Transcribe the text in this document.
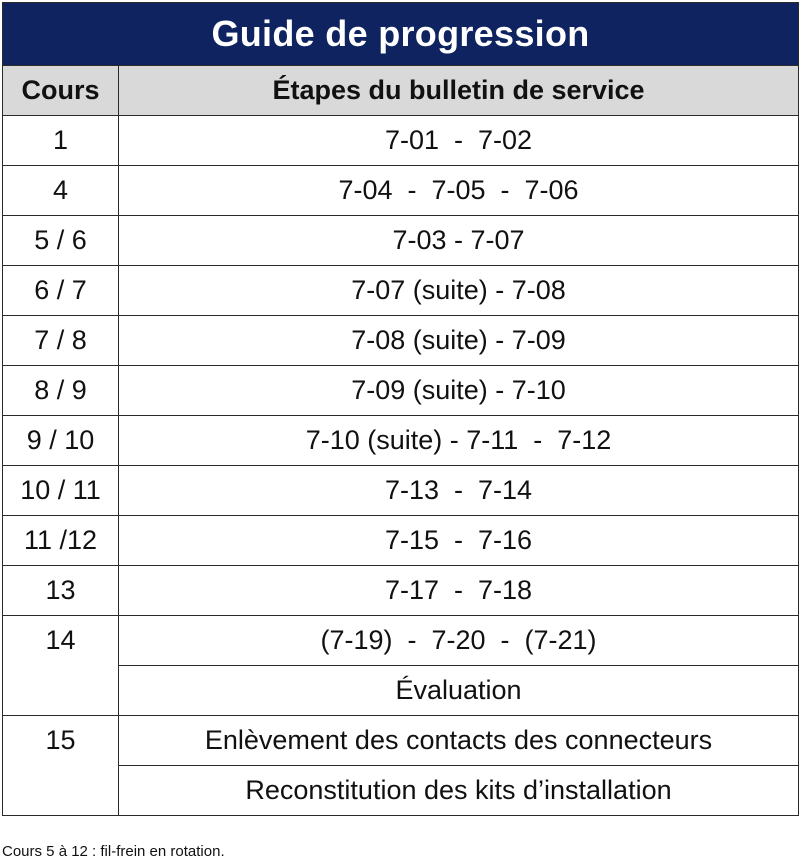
Guide de progression	
Cours	Étapes du bulletin de service
1	7-01  -  7-02
4	7-04  -  7-05  -  7-06
5 / 6	7-03 - 7-07
6 / 7	7-07 (suite) - 7-08
7 / 8	7-08 (suite) - 7-09
8 / 9	7-09 (suite) - 7-10
9 / 10	7-10 (suite) - 7-11  -  7-12
10 / 11	7-13  -  7-14
11 /12	7-15  -  7-16
13	7-17  -  7-18
14	(7-19)  -  7-20  -  (7-21)
	Évaluation
15	Enlèvement des contacts des connecteurs
	Reconstitution des kits d’installation
Cours 5 à 12 : fil-frein en rotation.
